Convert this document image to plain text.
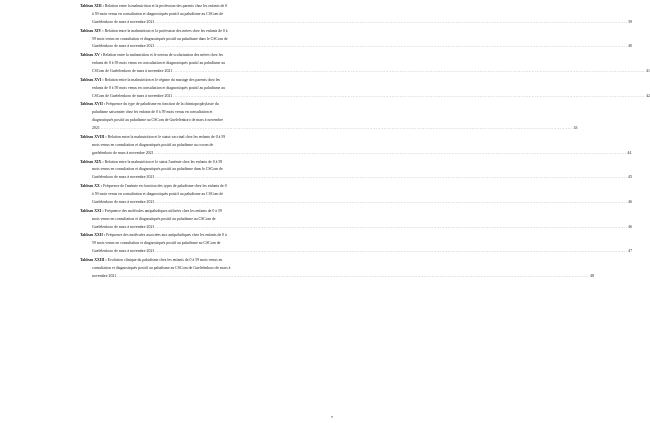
Tableau XIII : Relation entre la malnutrition et la profession des parents chez les enfants de 0
à 59 mois venus en consultation et diagnostiqués positif au paludisme au CSCom de
Guelelenkoro de mars à novembre 2021 ............................................................................................................................................................................................................................................................................................................ 39
Tableau XIV : Relation entre la malnutrition et la profession des mères chez les enfants de 0 à
59 mois venus en consultation et diagnostiqués positif au paludisme dans le CSCom de
Guelelenkoro de mars à novembre 2021 ............................................................................................................................................................................................................................................................................................................ 40
Tableau XV : Relation entre la malnutrition et le niveau de scolarisation des mères chez les
enfants de 0 à 59 mois venus en consultation et diagnostiqués positif au paludisme au
CSCom de Guelelenkoro de mars à novembre 2021 ............................................................................................................................................................................................................................................................................................................ 41
Tableau XVI : Relation entre la malnutrition et le régime du mariage des parents chez les
enfants de 0 à 59 mois venus en consultation et diagnostiqués positif au paludisme au
CSCom de Guelelenkoro de mars à novembre 2021 ............................................................................................................................................................................................................................................................................................................ 42
Tableau XVII : Fréquence du type de paludisme en fonction de la chimioprophylaxie du
paludisme saisonnier chez les enfants de 0 à 59 mois venus en consultation et
diagnostiqués positif au paludisme au CSCom de Guelelenkoro de mars à novembre
2021 ............................................................................................................................................................................................................................................................................................................ 43
Tableau XVIII : Relation entre la malnutrition et le statut vaccinal chez les enfants de 0 à 59
mois venus en consultation et diagnostiqués positif au paludisme au cscom de
guelelenkoro de mars à novembre 2021 ............................................................................................................................................................................................................................................................................................................ 44
Tableau XIX : Relation entre la malnutrition et le statut l'anémie chez les enfants de 0 à 59
mois venus en consultation et diagnostiqués positif au paludisme dans le CSCom de
Guelelenkoro de mars à novembre 2021 ............................................................................................................................................................................................................................................................................................................ 45
Tableau XX : Fréquence de l'anémie en fonction des types de paludisme chez les enfants de 0
à 59 mois venus en consultation et diagnostiqués positif au paludisme au CSCom de
Guelelenkoro de mars à novembre 2021 ............................................................................................................................................................................................................................................................................................................ 46
Tableau XXI : Fréquence des molécules antipaludiques utilisées chez les enfants de 0 à 59
mois venus en consultation et diagnostiqués positif au paludisme au CSCom de
Guelelenkoro de mars à novembre 2021 ............................................................................................................................................................................................................................................................................................................ 46
Tableau XXII : Fréquence des molécules associées aux antipaludiques chez les enfants de 0 à
59 mois venus en consultation et diagnostiqués positif au paludisme au CSCom de
Guelelenkoro de mars à novembre 2021 ............................................................................................................................................................................................................................................................................................................ 47
Tableau XXIII : Evolution clinique du paludisme chez les enfants de 0 à 59 mois venus en
consultation et diagnostiqués positif au paludisme au CSCom de Guelelenkoro de mars à
novembre 2021 ............................................................................................................................................................................................................................................................................................................ 48
v
